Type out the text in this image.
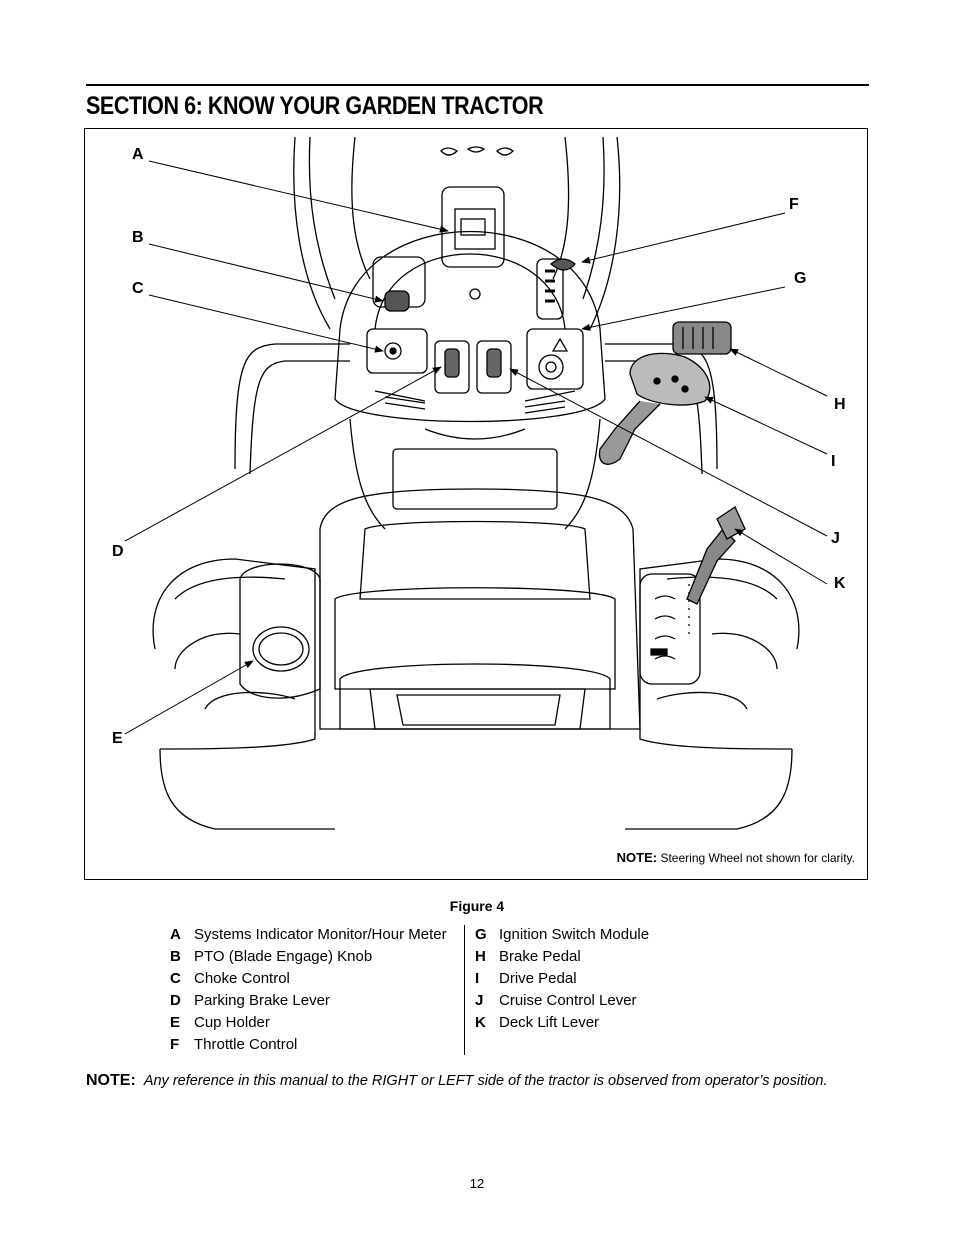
SECTION 6: KNOW YOUR GARDEN TRACTOR
A
B
C
D
E
F
G
H
I
J
K
NOTE: Steering Wheel not shown for clarity.
Figure 4
A Systems Indicator Monitor/Hour Meter
B PTO (Blade Engage) Knob
C Choke Control
D Parking Brake Lever
E Cup Holder
F Throttle Control
G Ignition Switch Module
H Brake Pedal
I Drive Pedal
J Cruise Control Lever
K Deck Lift Lever
NOTE: Any reference in this manual to the RIGHT or LEFT side of the tractor is observed from operator’s position.
12
